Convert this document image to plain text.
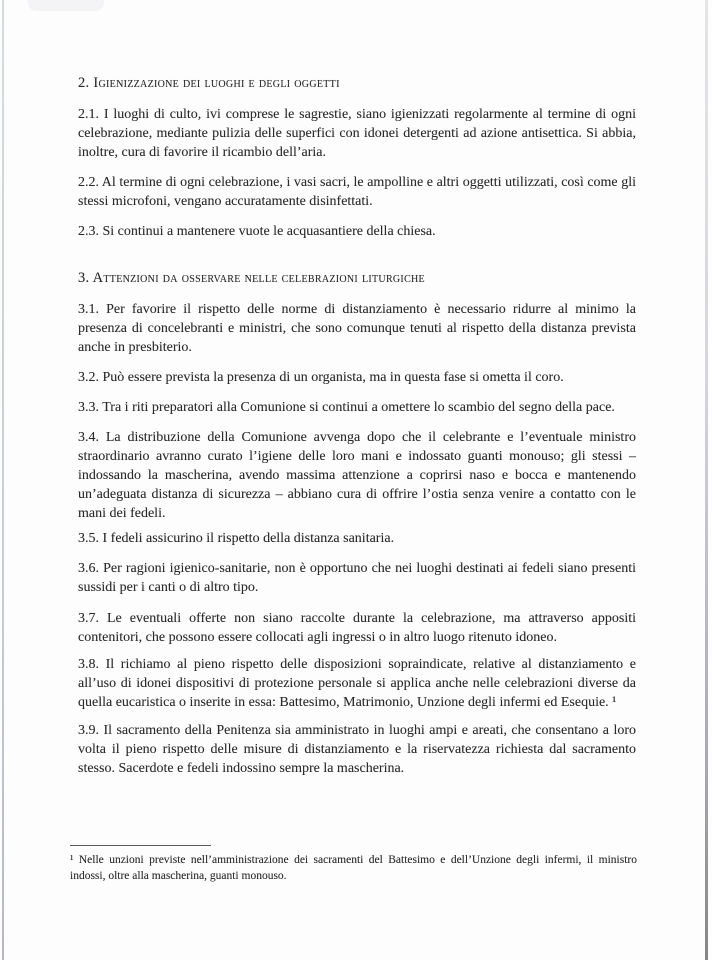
2. Igienizzazione dei luoghi e degli oggetti

2.1. I luoghi di culto, ivi comprese le sagrestie, siano igienizzati regolarmente al termine di ogni celebrazione, mediante pulizia delle superfici con idonei detergenti ad azione antisettica. Si abbia, inoltre, cura di favorire il ricambio dell’aria.

2.2. Al termine di ogni celebrazione, i vasi sacri, le ampolline e altri oggetti utilizzati, così come gli stessi microfoni, vengano accuratamente disinfettati.

2.3. Si continui a mantenere vuote le acquasantiere della chiesa.

3. Attenzioni da osservare nelle celebrazioni liturgiche

3.1. Per favorire il rispetto delle norme di distanziamento è necessario ridurre al minimo la presenza di concelebranti e ministri, che sono comunque tenuti al rispetto della distanza prevista anche in presbiterio.

3.2. Può essere prevista la presenza di un organista, ma in questa fase si ometta il coro.

3.3. Tra i riti preparatori alla Comunione si continui a omettere lo scambio del segno della pace.

3.4. La distribuzione della Comunione avvenga dopo che il celebrante e l’eventuale ministro straordinario avranno curato l’igiene delle loro mani e indossato guanti monouso; gli stessi – indossando la mascherina, avendo massima attenzione a coprirsi naso e bocca e mantenendo un’adeguata distanza di sicurezza – abbiano cura di offrire l’ostia senza venire a contatto con le mani dei fedeli.

3.5. I fedeli assicurino il rispetto della distanza sanitaria.

3.6. Per ragioni igienico-sanitarie, non è opportuno che nei luoghi destinati ai fedeli siano presenti sussidi per i canti o di altro tipo.

3.7. Le eventuali offerte non siano raccolte durante la celebrazione, ma attraverso appositi contenitori, che possono essere collocati agli ingressi o in altro luogo ritenuto idoneo.

3.8. Il richiamo al pieno rispetto delle disposizioni sopraindicate, relative al distanziamento e all’uso di idonei dispositivi di protezione personale si applica anche nelle celebrazioni diverse da quella eucaristica o inserite in essa: Battesimo, Matrimonio, Unzione degli infermi ed Esequie. ¹

3.9. Il sacramento della Penitenza sia amministrato in luoghi ampi e areati, che consentano a loro volta il pieno rispetto delle misure di distanziamento e la riservatezza richiesta dal sacramento stesso. Sacerdote e fedeli indossino sempre la mascherina.

¹ Nelle unzioni previste nell’amministrazione dei sacramenti del Battesimo e dell’Unzione degli infermi, il ministro indossi, oltre alla mascherina, guanti monouso.
